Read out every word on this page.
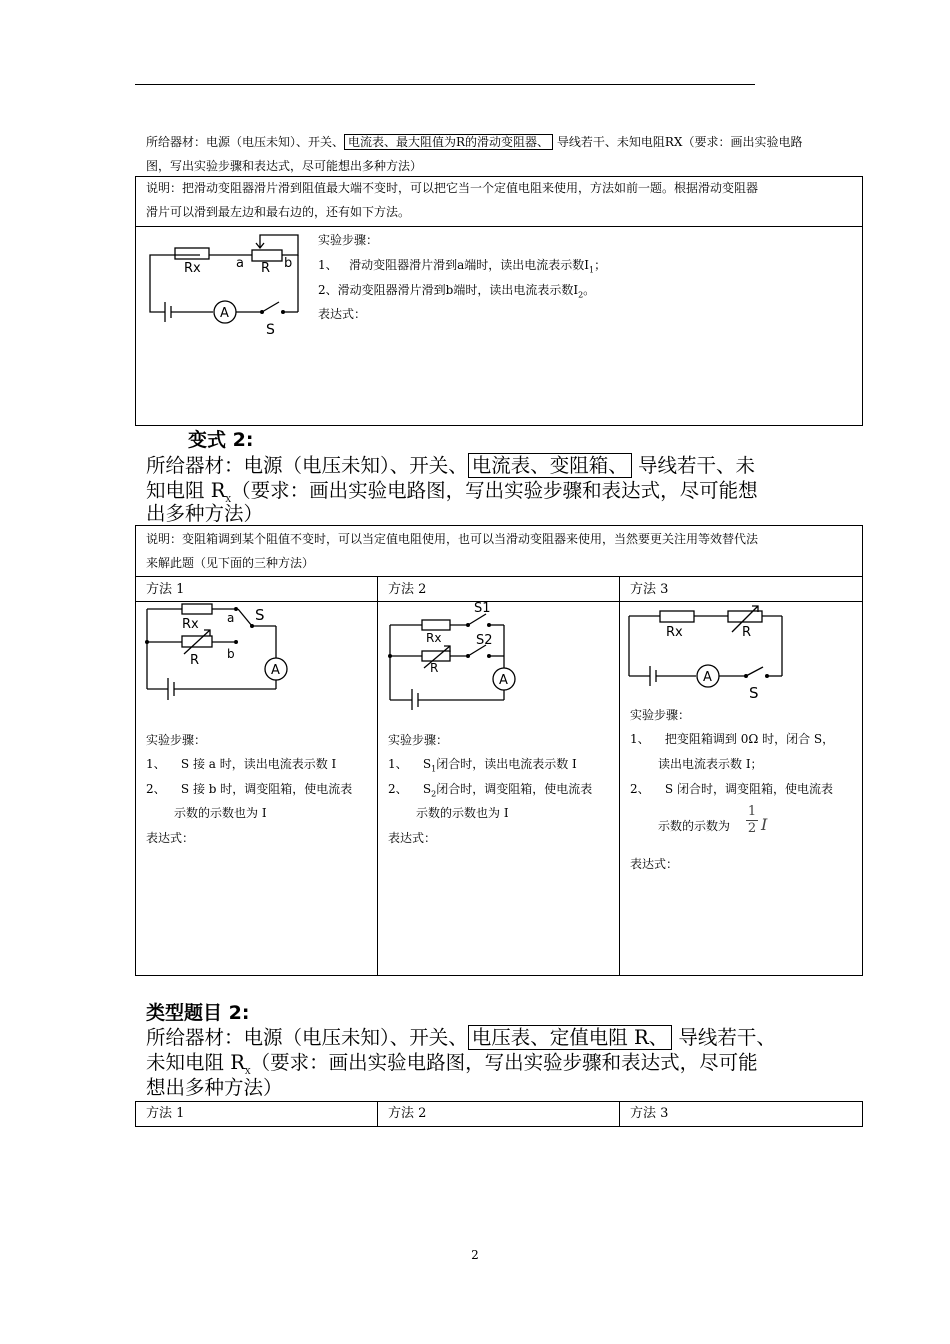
所给器材：电源（电压未知）、开关、 电流表、最大阻值为R的滑动变阻器、 导线若干、未知电阻RX（要求：画出实验电路
图，写出实验步骤和表达式，尽可能想出多种方法）
说明：把滑动变阻器滑片滑到阻值最大端不变时，可以把它当一个定值电阻来使用，方法如前一题。根据滑动变阻器
滑片可以滑到最左边和最右边的，还有如下方法。
Rx	a R b
A
S
实验步骤：
1、 滑动变阻器滑片滑到a端时，读出电流表示数$I_1$；
2、滑动变阻器滑片滑到b端时，读出电流表示数$I_2$。
表达式：
变式 2:
所给器材：电源（电压未知）、开关、 电流表、变阻箱、 导线若干、未
知电阻 $R_X$（要求：画出实验电路图，写出实验步骤和表达式，尽可能想
出多种方法）
说明：变阻箱调到某个阻值不变时，可以当定值电阻使用，也可以当滑动变阻器来使用，当然要更关注用等效替代法
来解此题（见下面的三种方法）
方法 1	方法 2	方法 3
Rx a S
R b
A
S1
Rx	S2
R
A
Rx	R
A
S
实验步骤：
1、 S 接 a 时，读出电流表示数 I
2、 S 接 b 时，调变阻箱，使电流表
示数的示数也为 I
表达式：
实验步骤：
1、 $S_1$闭合时，读出电流表示数 I
2、 $S_2$闭合时，调变阻箱，使电流表
示数的示数也为 I
表达式：
实验步骤：
1、 把变阻箱调到 0Ω 时，闭合 S，
读出电流表示数 I；
2、 S 闭合时，调变阻箱，使电流表
示数的示数为 $\frac{1}{2}$ I
表达式：
类型题目 2:
所给器材：电源（电压未知）、开关、 电压表、定值电阻 R、 导线若干、
未知电阻 $R_X$（要求：画出实验电路图，写出实验步骤和表达式，尽可能
想出多种方法）
方法 1	方法 2	方法 3
2
